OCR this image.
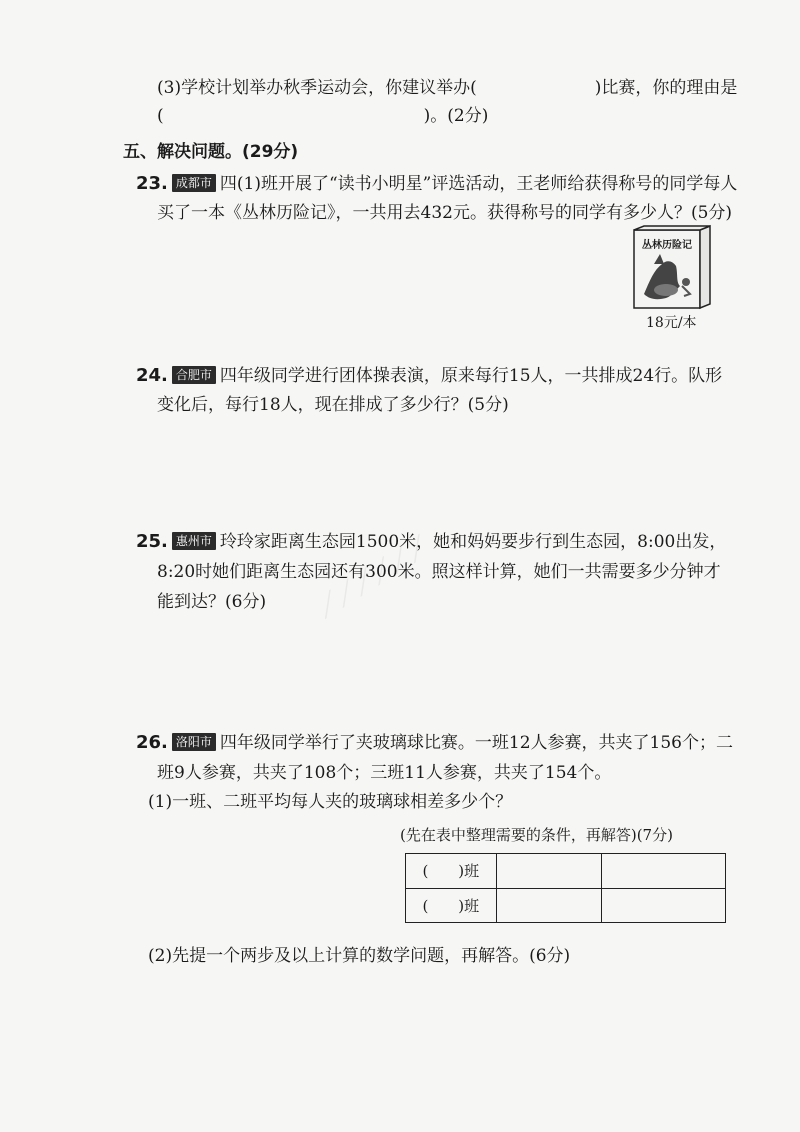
(3)学校计划举办秋季运动会，你建议举办(	)比赛，你的理由是
(	)。(2分)
五、解决问题。(29分)
23. 成都市 四(1)班开展了“读书小明星”评选活动，王老师给获得称号的同学每人
买了一本《丛林历险记》，一共用去432元。获得称号的同学有多少人？(5分)
丛林历险记
18元/本
24. 合肥市 四年级同学进行团体操表演，原来每行15人，一共排成24行。队形
变化后，每行18人，现在排成了多少行？(5分)
⟋⟋⟋⟋⟋⟋
25. 惠州市 玲玲家距离生态园1500米，她和妈妈要步行到生态园，8:00出发，
8:20时她们距离生态园还有300米。照这样计算，她们一共需要多少分钟才
能到达？(6分)
26. 洛阳市 四年级同学举行了夹玻璃球比赛。一班12人参赛，共夹了156个；二
班9人参赛，共夹了108个；三班11人参赛，共夹了154个。
(1)一班、二班平均每人夹的玻璃球相差多少个？
(先在表中整理需要的条件，再解答)(7分)
(　　)班		
(　　)班		
(2)先提一个两步及以上计算的数学问题，再解答。(6分)
